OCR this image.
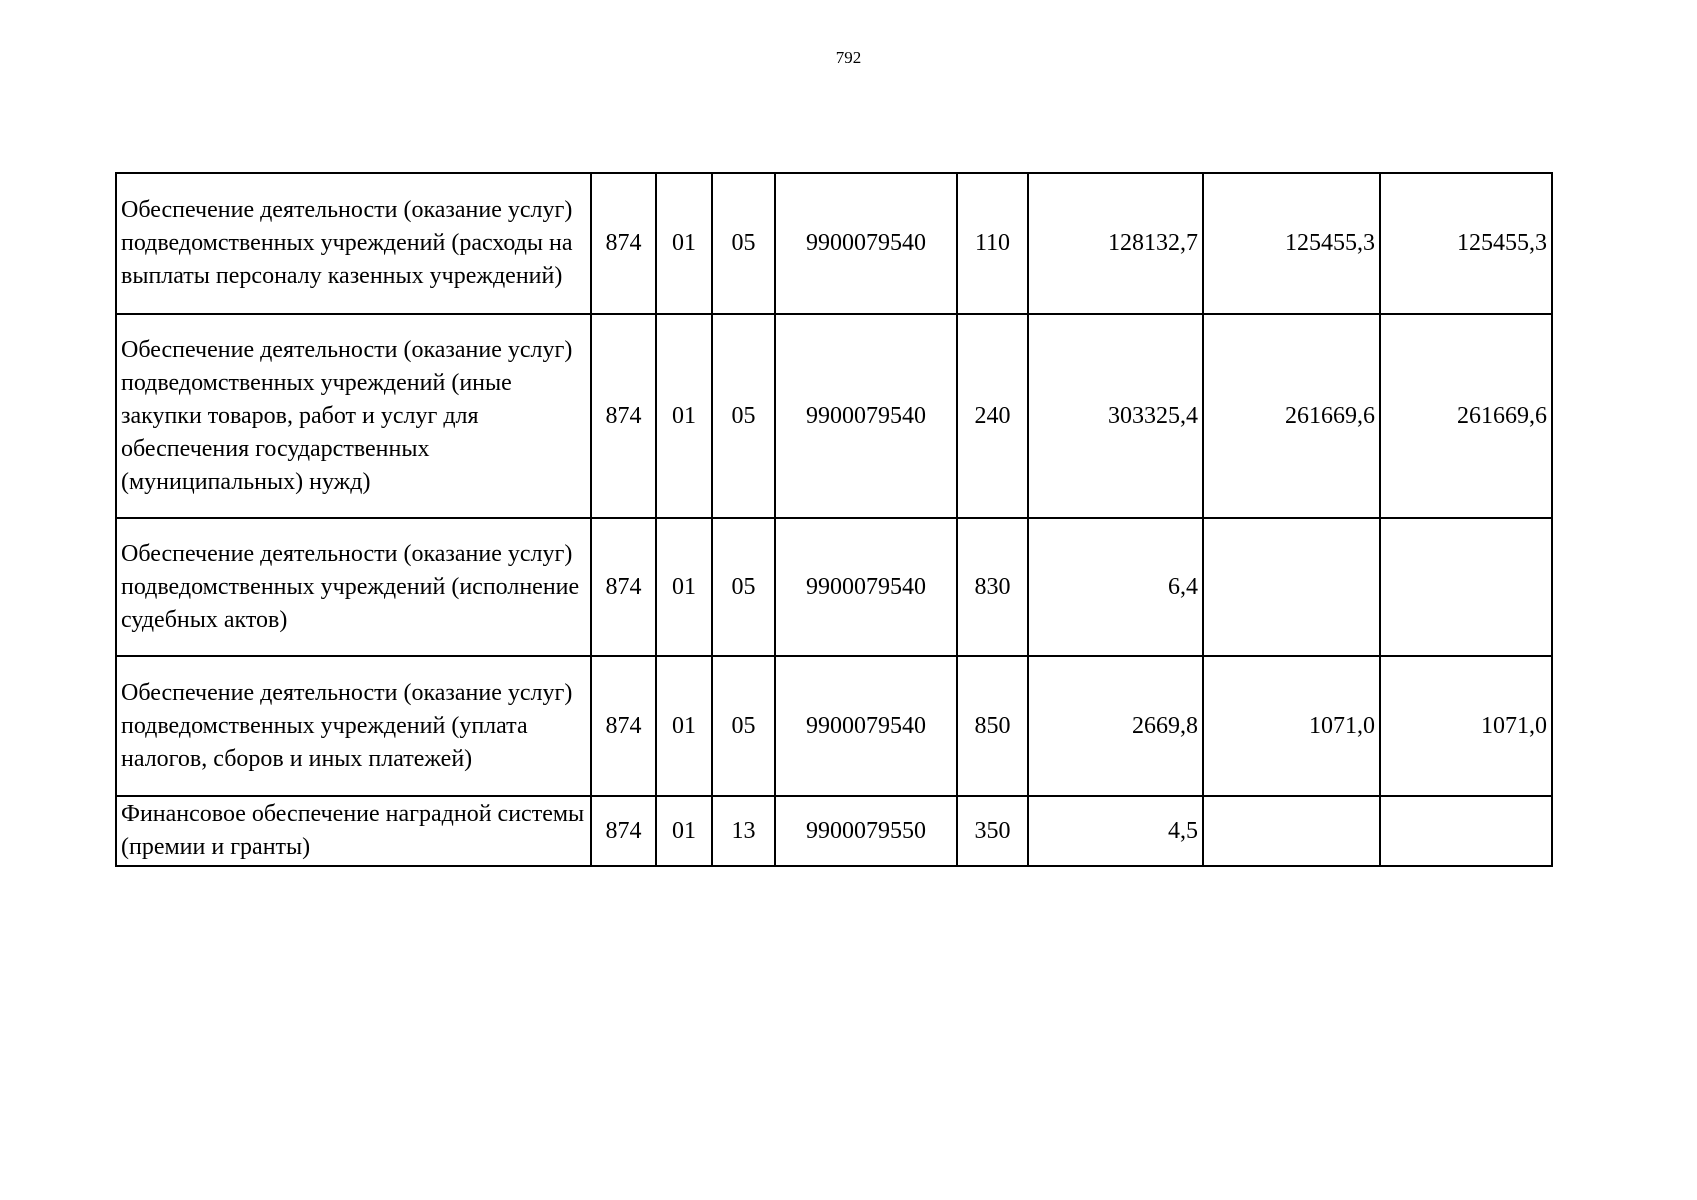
792
Обеспечение деятельности (оказание услуг) подведомственных учреждений (расходы на выплаты персоналу казенных учреждений)	874	01	05	9900079540	110	128132,7	125455,3	125455,3
Обеспечение деятельности (оказание услуг) подведомственных учреждений (иные закупки товаров, работ и услуг для обеспечения государственных (муниципальных) нужд)	874	01	05	9900079540	240	303325,4	261669,6	261669,6
Обеспечение деятельности (оказание услуг) подведомственных учреждений (исполнение судебных актов)	874	01	05	9900079540	830	6,4		
Обеспечение деятельности (оказание услуг) подведомственных учреждений (уплата налогов, сборов и иных платежей)	874	01	05	9900079540	850	2669,8	1071,0	1071,0
Финансовое обеспечение наградной системы (премии и гранты)	874	01	13	9900079550	350	4,5		
